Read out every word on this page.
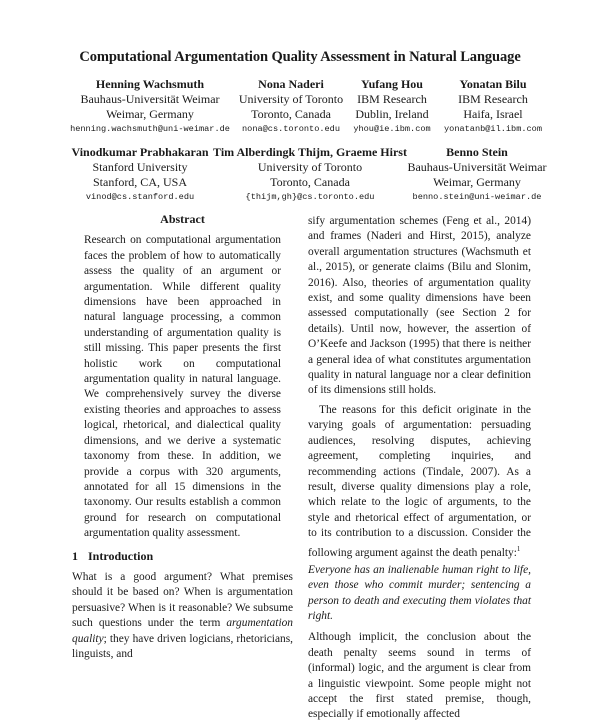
Computational Argumentation Quality Assessment in Natural Language
Henning Wachsmuth
Bauhaus-Universität Weimar
Weimar, Germany
henning.wachsmuth@uni-weimar.de
Nona Naderi
University of Toronto
Toronto, Canada
nona@cs.toronto.edu
Yufang Hou
IBM Research
Dublin, Ireland
yhou@ie.ibm.com
Yonatan Bilu
IBM Research
Haifa, Israel
yonatanb@il.ibm.com
Vinodkumar Prabhakaran
Stanford University
Stanford, CA, USA
vinod@cs.stanford.edu
Tim Alberdingk Thijm, Graeme Hirst
University of Toronto
Toronto, Canada
{thijm,gh}@cs.toronto.edu
Benno Stein
Bauhaus-Universität Weimar
Weimar, Germany
benno.stein@uni-weimar.de

Abstract

Research on computational argumentation faces the problem of how to automatically assess the quality of an argument or argumentation. While different quality dimensions have been approached in natural language processing, a common understanding of argumentation quality is still missing. This paper presents the first holistic work on computational argumentation quality in natural language. We comprehensively survey the diverse existing theories and approaches to assess logical, rhetorical, and dialectical quality dimensions, and we derive a systematic taxonomy from these. In addition, we provide a corpus with 320 arguments, annotated for all 15 dimensions in the taxonomy. Our results establish a common ground for research on computational argumentation quality assessment.

1 Introduction

What is a good argument? What premises should it be based on? When is argumentation persuasive? When is it reasonable? We subsume such questions under the term argumentation quality; they have driven logicians, rhetoricians, linguists, and

sify argumentation schemes (Feng et al., 2014) and frames (Naderi and Hirst, 2015), analyze overall argumentation structures (Wachsmuth et al., 2015), or generate claims (Bilu and Slonim, 2016). Also, theories of argumentation quality exist, and some quality dimensions have been assessed computationally (see Section 2 for details). Until now, however, the assertion of O’Keefe and Jackson (1995) that there is neither a general idea of what constitutes argumentation quality in natural language nor a clear definition of its dimensions still holds.

The reasons for this deficit originate in the varying goals of argumentation: persuading audiences, resolving disputes, achieving agreement, completing inquiries, and recommending actions (Tindale, 2007). As a result, diverse quality dimensions play a role, which relate to the logic of arguments, to the style and rhetorical effect of argumentation, or to its contribution to a discussion. Consider the following argument against the death penalty:$^1$

Everyone has an inalienable human right to life, even those who commit murder; sentencing a person to death and executing them violates that right.

Although implicit, the conclusion about the death penalty seems sound in terms of (informal) logic, and the argument is clear from a linguistic viewpoint. Some people might not accept the first stated premise, though, especially if emotionally affected
